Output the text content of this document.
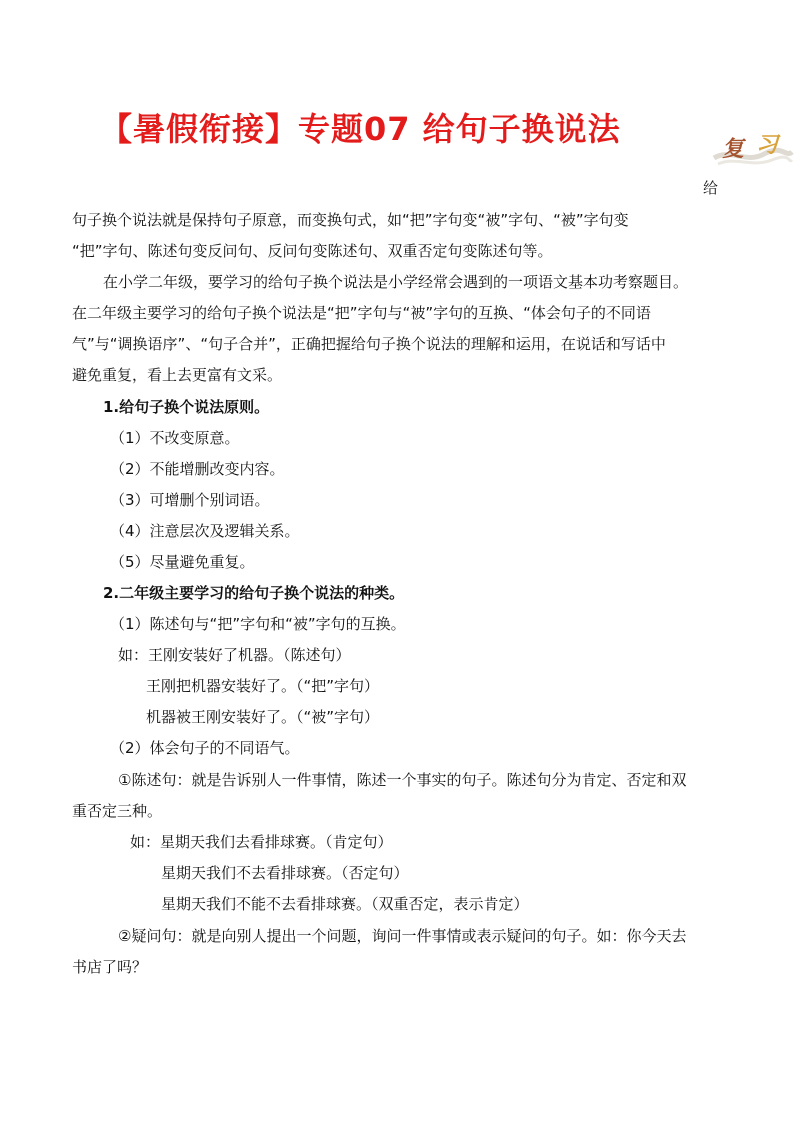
【暑假衔接】专题07 给句子换说法
复 习
给
句子换个说法就是保持句子原意，而变换句式，如“把”字句变“被”字句、“被”字句变
“把”字句、陈述句变反问句、反问句变陈述句、双重否定句变陈述句等。
在小学二年级，要学习的给句子换个说法是小学经常会遇到的一项语文基本功考察题目。
在二年级主要学习的给句子换个说法是“把”字句与“被”字句的互换、“体会句子的不同语
气”与“调换语序”、“句子合并”，正确把握给句子换个说法的理解和运用，在说话和写话中
避免重复，看上去更富有文采。
1.给句子换个说法原则。
（1）不改变原意。
（2）不能增删改变内容。
（3）可增删个别词语。
（4）注意层次及逻辑关系。
（5）尽量避免重复。
2.二年级主要学习的给句子换个说法的种类。
（1）陈述句与“把”字句和“被”字句的互换。
如：王刚安装好了机器。（陈述句）
王刚把机器安装好了。（“把”字句）
机器被王刚安装好了。（“被”字句）
（2）体会句子的不同语气。
①陈述句：就是告诉别人一件事情，陈述一个事实的句子。陈述句分为肯定、否定和双
重否定三种。
如：星期天我们去看排球赛。（肯定句）
星期天我们不去看排球赛。（否定句）
星期天我们不能不去看排球赛。（双重否定，表示肯定）
②疑问句：就是向别人提出一个问题，询问一件事情或表示疑问的句子。如：你今天去
书店了吗？
